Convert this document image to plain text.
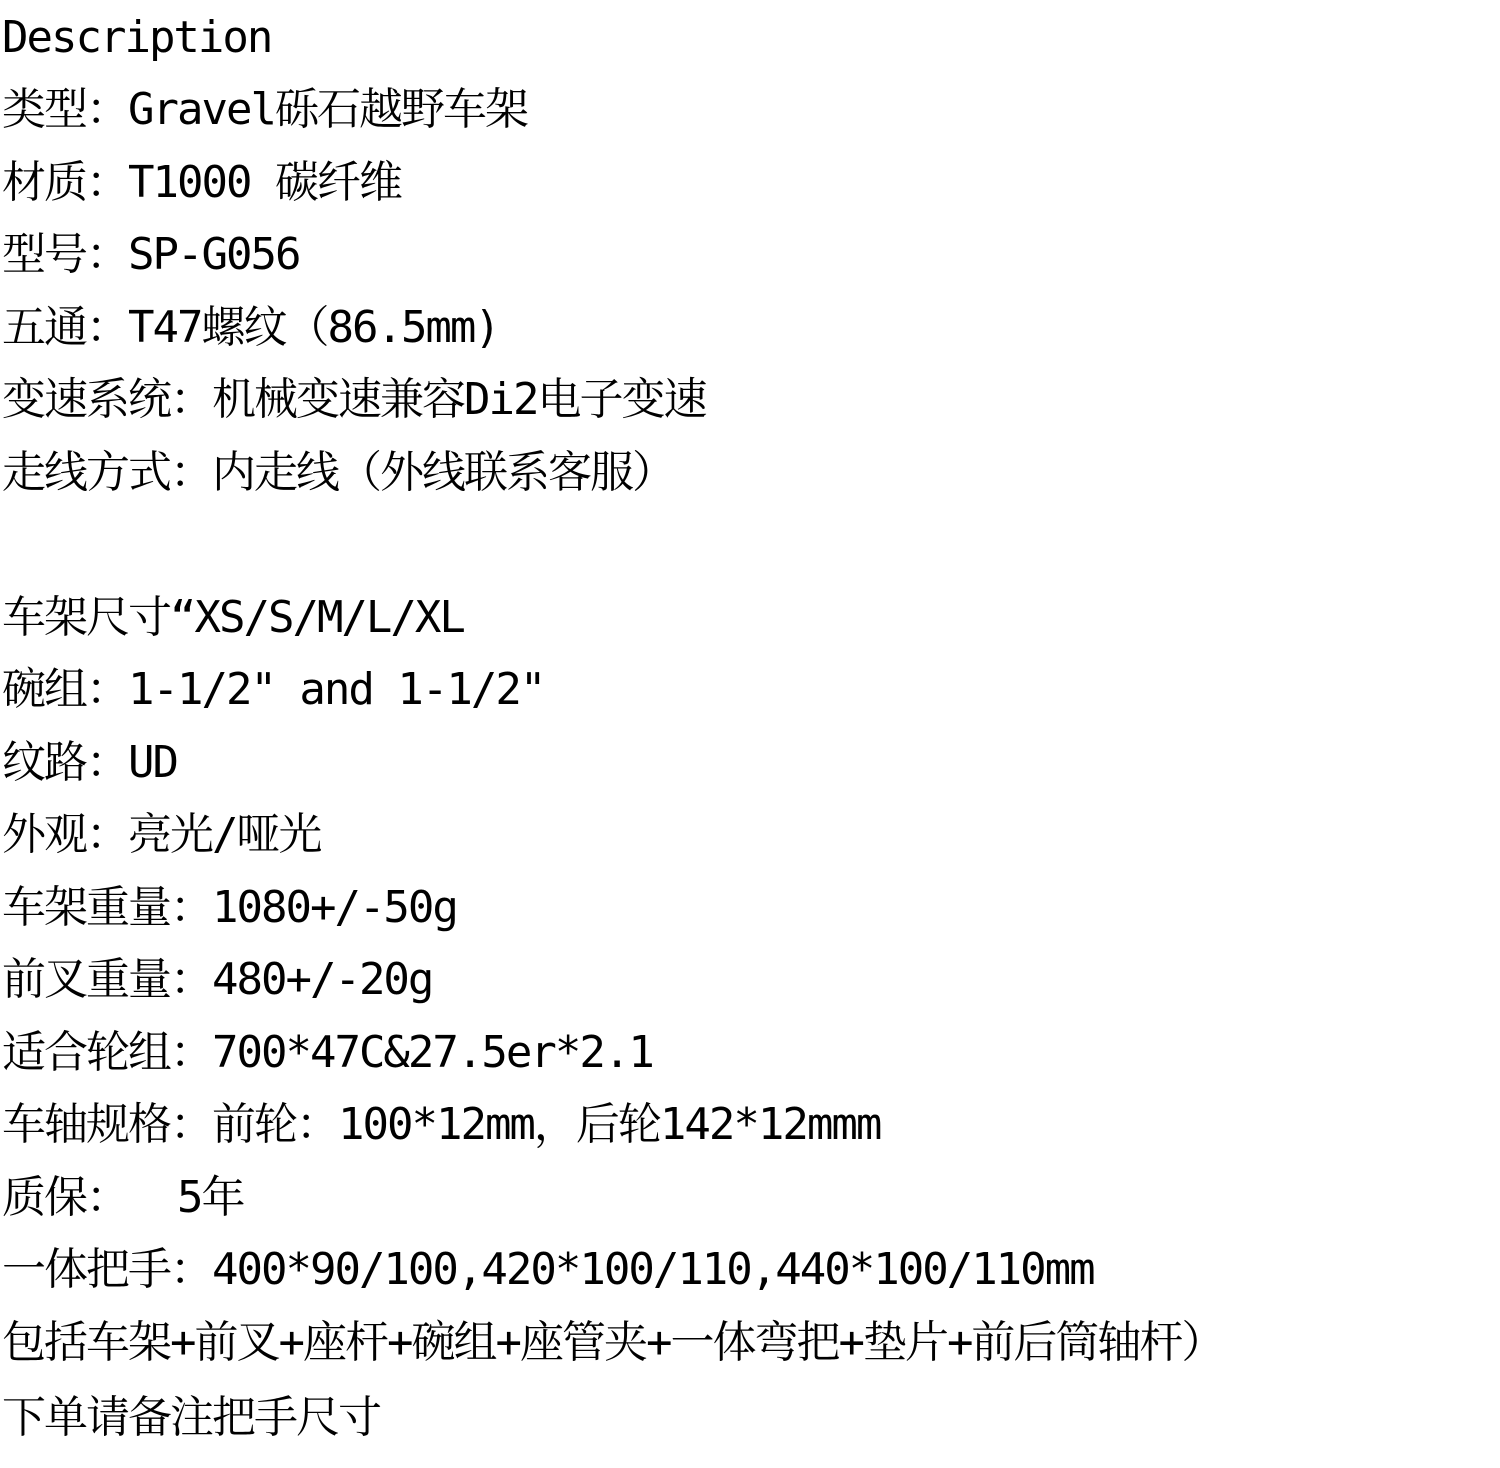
Description
类型：Gravel砾石越野车架
材质：T1000 碳纤维
型号：SP-G056
五通：T47螺纹（86.5mm)
变速系统：机械变速兼容Di2电子变速
走线方式：内走线（外线联系客服）
车架尺寸“XS/S/M/L/XL
碗组：1-1/2" and 1-1/2"
纹路：UD
外观：亮光/哑光
车架重量：1080+/-50g
前叉重量：480+/-20g
适合轮组：700*47C&27.5er*2.1
车轴规格：前轮：100*12mm，后轮142*12mmm
质保：  5年
一体把手：400*90/100,420*100/110,440*100/110mm
包括车架+前叉+座杆+碗组+座管夹+一体弯把+垫片+前后筒轴杆）
下单请备注把手尺寸
